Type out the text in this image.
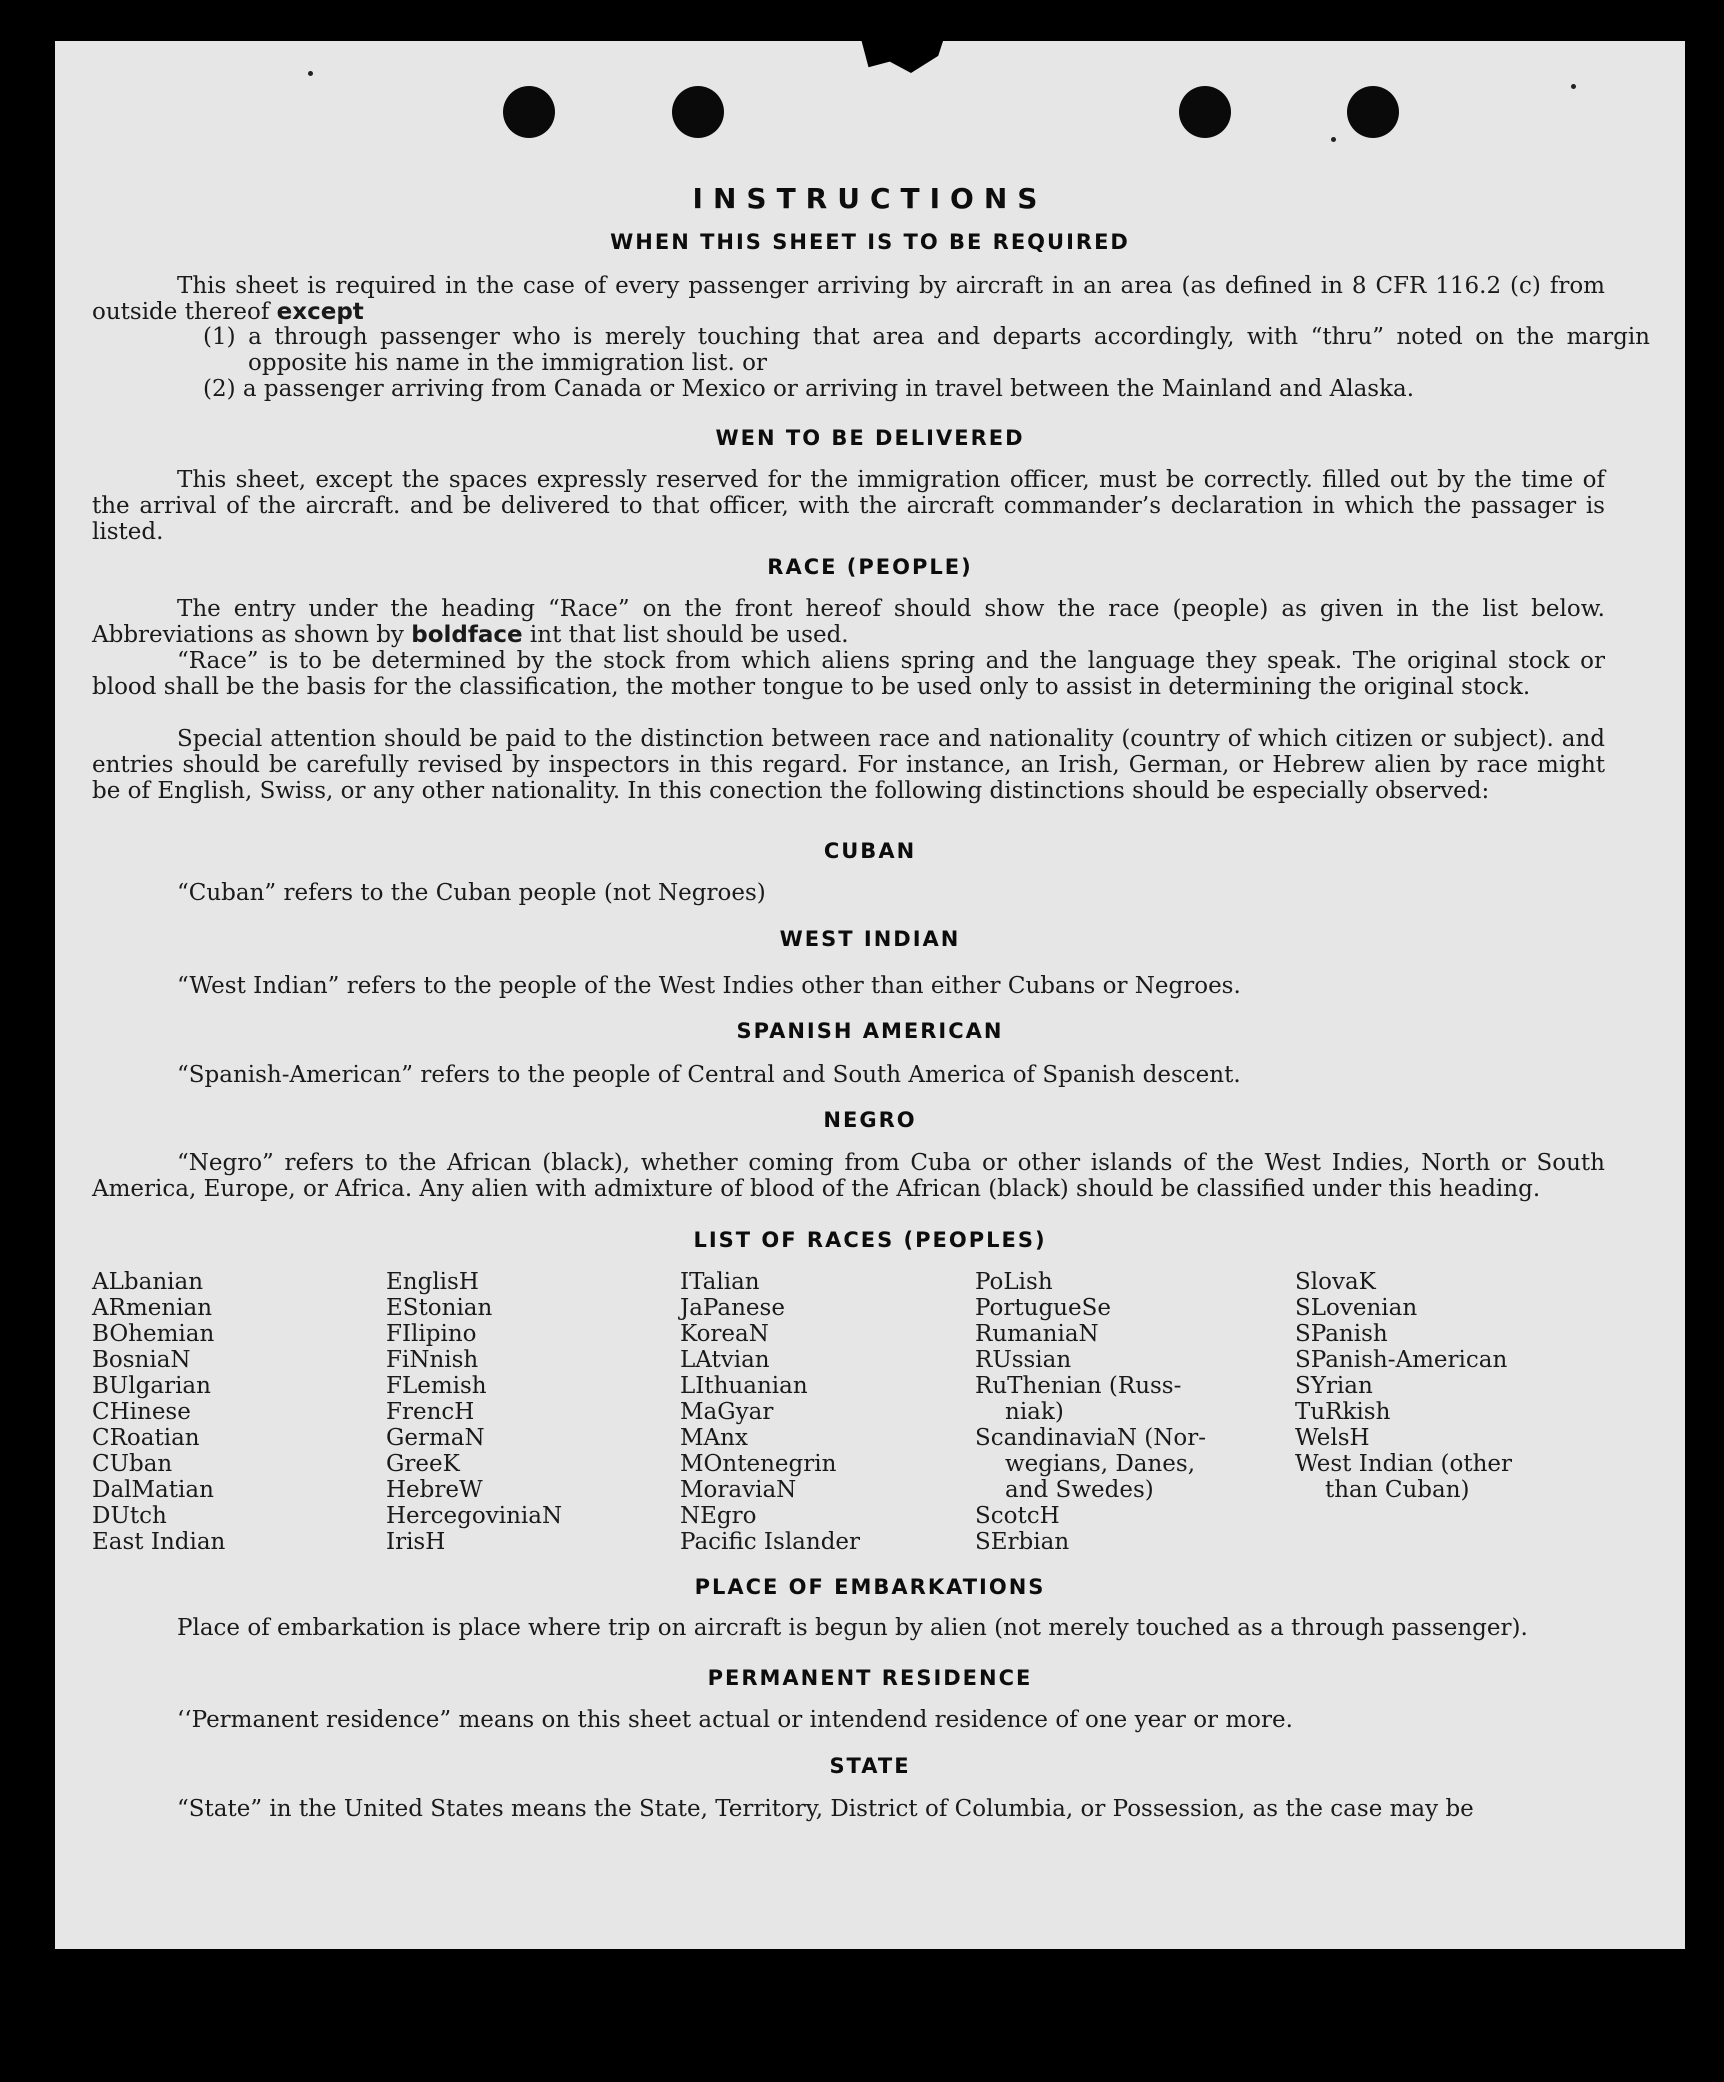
INSTRUCTIONS
WHEN THIS SHEET IS TO BE REQUIRED

This sheet is required in the case of every passenger arriving by aircraft in an area (as defined in 8 CFR 116.2 (c) from outside thereof except

(1) a through passenger who is merely touching that area and departs accordingly, with “thru” noted on the margin opposite his name in the immigration list. or

(2) a passenger arriving from Canada or Mexico or arriving in travel between the Mainland and Alaska.

WEN TO BE DELIVERED

This sheet, except the spaces expressly reserved for the immigration officer, must be correctly. filled out by the time of the arrival of the aircraft. and be delivered to that officer, with the aircraft commander’s declaration in which the passager is listed.

RACE (PEOPLE)

The entry under the heading “Race” on the front hereof should show the race (people) as given in the list below. Abbreviations as shown by boldface int that list should be used.

“Race” is to be determined by the stock from which aliens spring and the language they speak. The original stock or blood shall be the basis for the classification, the mother tongue to be used only to assist in determining the original stock.

Special attention should be paid to the distinction between race and nationality (country of which citizen or subject). and entries should be carefully revised by inspectors in this regard. For instance, an Irish, German, or Hebrew alien by race might be of English, Swiss, or any other nationality. In this conection the following distinctions should be especially observed:

CUBAN

“Cuban” refers to the Cuban people (not Negroes)

WEST INDIAN

“West Indian” refers to the people of the West Indies other than either Cubans or Negroes.

SPANISH AMERICAN

“Spanish-American” refers to the people of Central and South America of Spanish descent.

NEGRO

“Negro” refers to the African (black), whether coming from Cuba or other islands of the West Indies, North or South America, Europe, or Africa. Any alien with admixture of blood of the African (black) should be classified under this heading.

LIST OF RACES (PEOPLES)
ALbanian
ARmenian
BOhemian
BosniaN
BUlgarian
CHinese
CRoatian
CUban
DalMatian
DUtch
East Indian
EnglisH
EStonian
FIlipino
FiNnish
FLemish
FrencH
GermaN
GreeK
HebreW
HercegoviniaN
IrisH
ITalian
JaPanese
KoreaN
LAtvian
LIthuanian
MaGyar
MAnx
MOntenegrin
MoraviaN
NEgro
Pacific Islander
PoLish
PortugueSe
RumaniaN
RUssian
RuThenian (Russ-
niak)
ScandinaviaN (Nor-
wegians, Danes,
and Swedes)
ScotcH
SErbian
SlovaK
SLovenian
SPanish
SPanish-American
SYrian
TuRkish
WelsH
West Indian (other
than Cuban)
PLACE OF EMBARKATIONS

Place of embarkation is place where trip on aircraft is begun by alien (not merely touched as a through passenger).

PERMANENT RESIDENCE

‘‘Permanent residence” means on this sheet actual or intendend residence of one year or more.

STATE

“State” in the United States means the State, Territory, District of Columbia, or Possession, as the case may be
